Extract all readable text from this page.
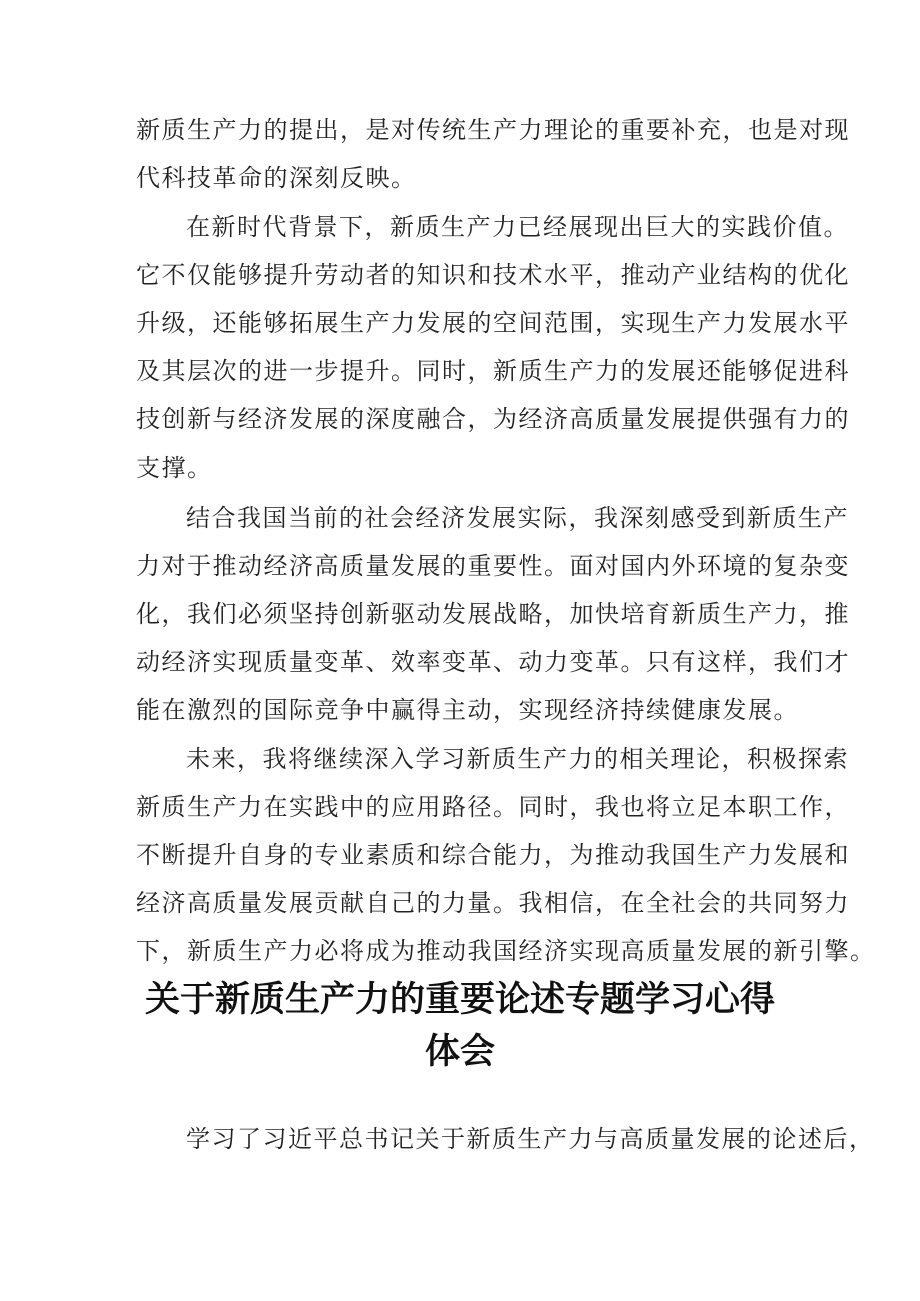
新质生产力的提出，是对传统生产力理论的重要补充，也是对现

代科技革命的深刻反映。

在新时代背景下，新质生产力已经展现出巨大的实践价值。

它不仅能够提升劳动者的知识和技术水平，推动产业结构的优化

升级，还能够拓展生产力发展的空间范围，实现生产力发展水平

及其层次的进一步提升。同时，新质生产力的发展还能够促进科

技创新与经济发展的深度融合，为经济高质量发展提供强有力的

支撑。

结合我国当前的社会经济发展实际，我深刻感受到新质生产

力对于推动经济高质量发展的重要性。面对国内外环境的复杂变

化，我们必须坚持创新驱动发展战略，加快培育新质生产力，推

动经济实现质量变革、效率变革、动力变革。只有这样，我们才

能在激烈的国际竞争中赢得主动，实现经济持续健康发展。

未来，我将继续深入学习新质生产力的相关理论，积极探索

新质生产力在实践中的应用路径。同时，我也将立足本职工作，

不断提升自身的专业素质和综合能力，为推动我国生产力发展和

经济高质量发展贡献自己的力量。我相信，在全社会的共同努力

下，新质生产力必将成为推动我国经济实现高质量发展的新引擎。

关于新质生产力的重要论述专题学习心得
体会

学习了习近平总书记关于新质生产力与高质量发展的论述后，
